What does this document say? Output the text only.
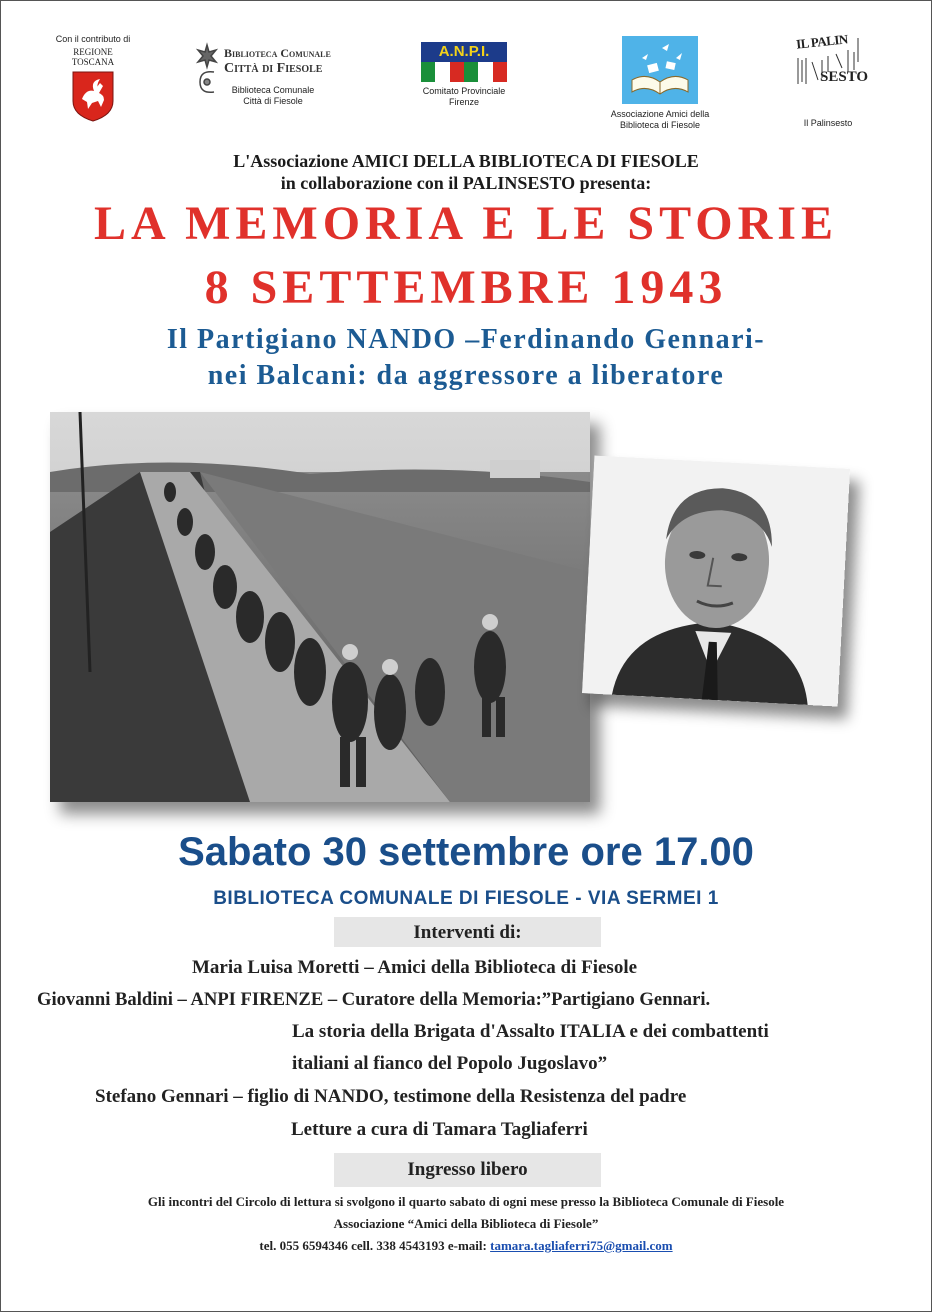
Con il contributo di
REGIONE
TOSCANA
Biblioteca Comunale
Città di Fiesole
Biblioteca Comunale
Città di Fiesole
A.N.P.I.
Comitato Provinciale
Firenze
Associazione Amici della
Biblioteca di Fiesole
IL PALIN
SESTO
Il Palinsesto
L'Associazione AMICI DELLA BIBLIOTECA DI FIESOLE
in collaborazione con il PALINSESTO presenta:
LA MEMORIA E LE STORIE
8 SETTEMBRE 1943
Il Partigiano NANDO –Ferdinando Gennari-
nei Balcani: da aggressore a liberatore
Sabato 30 settembre ore 17.00
BIBLIOTECA COMUNALE DI FIESOLE - VIA SERMEI 1
Interventi di:
Maria Luisa Moretti – Amici della Biblioteca di Fiesole
Giovanni Baldini – ANPI FIRENZE – Curatore della Memoria:”Partigiano Gennari.
La storia della Brigata d'Assalto ITALIA e dei combattenti
italiani al fianco del Popolo Jugoslavo”
Stefano Gennari – figlio di NANDO, testimone della Resistenza del padre
Letture a cura di Tamara Tagliaferri
Ingresso libero
Gli incontri del Circolo di lettura si svolgono il quarto sabato di ogni mese presso la Biblioteca Comunale di Fiesole
Associazione “Amici della Biblioteca di Fiesole”
tel. 055 6594346 cell. 338 4543193 e-mail: tamara.tagliaferri75@gmail.com
